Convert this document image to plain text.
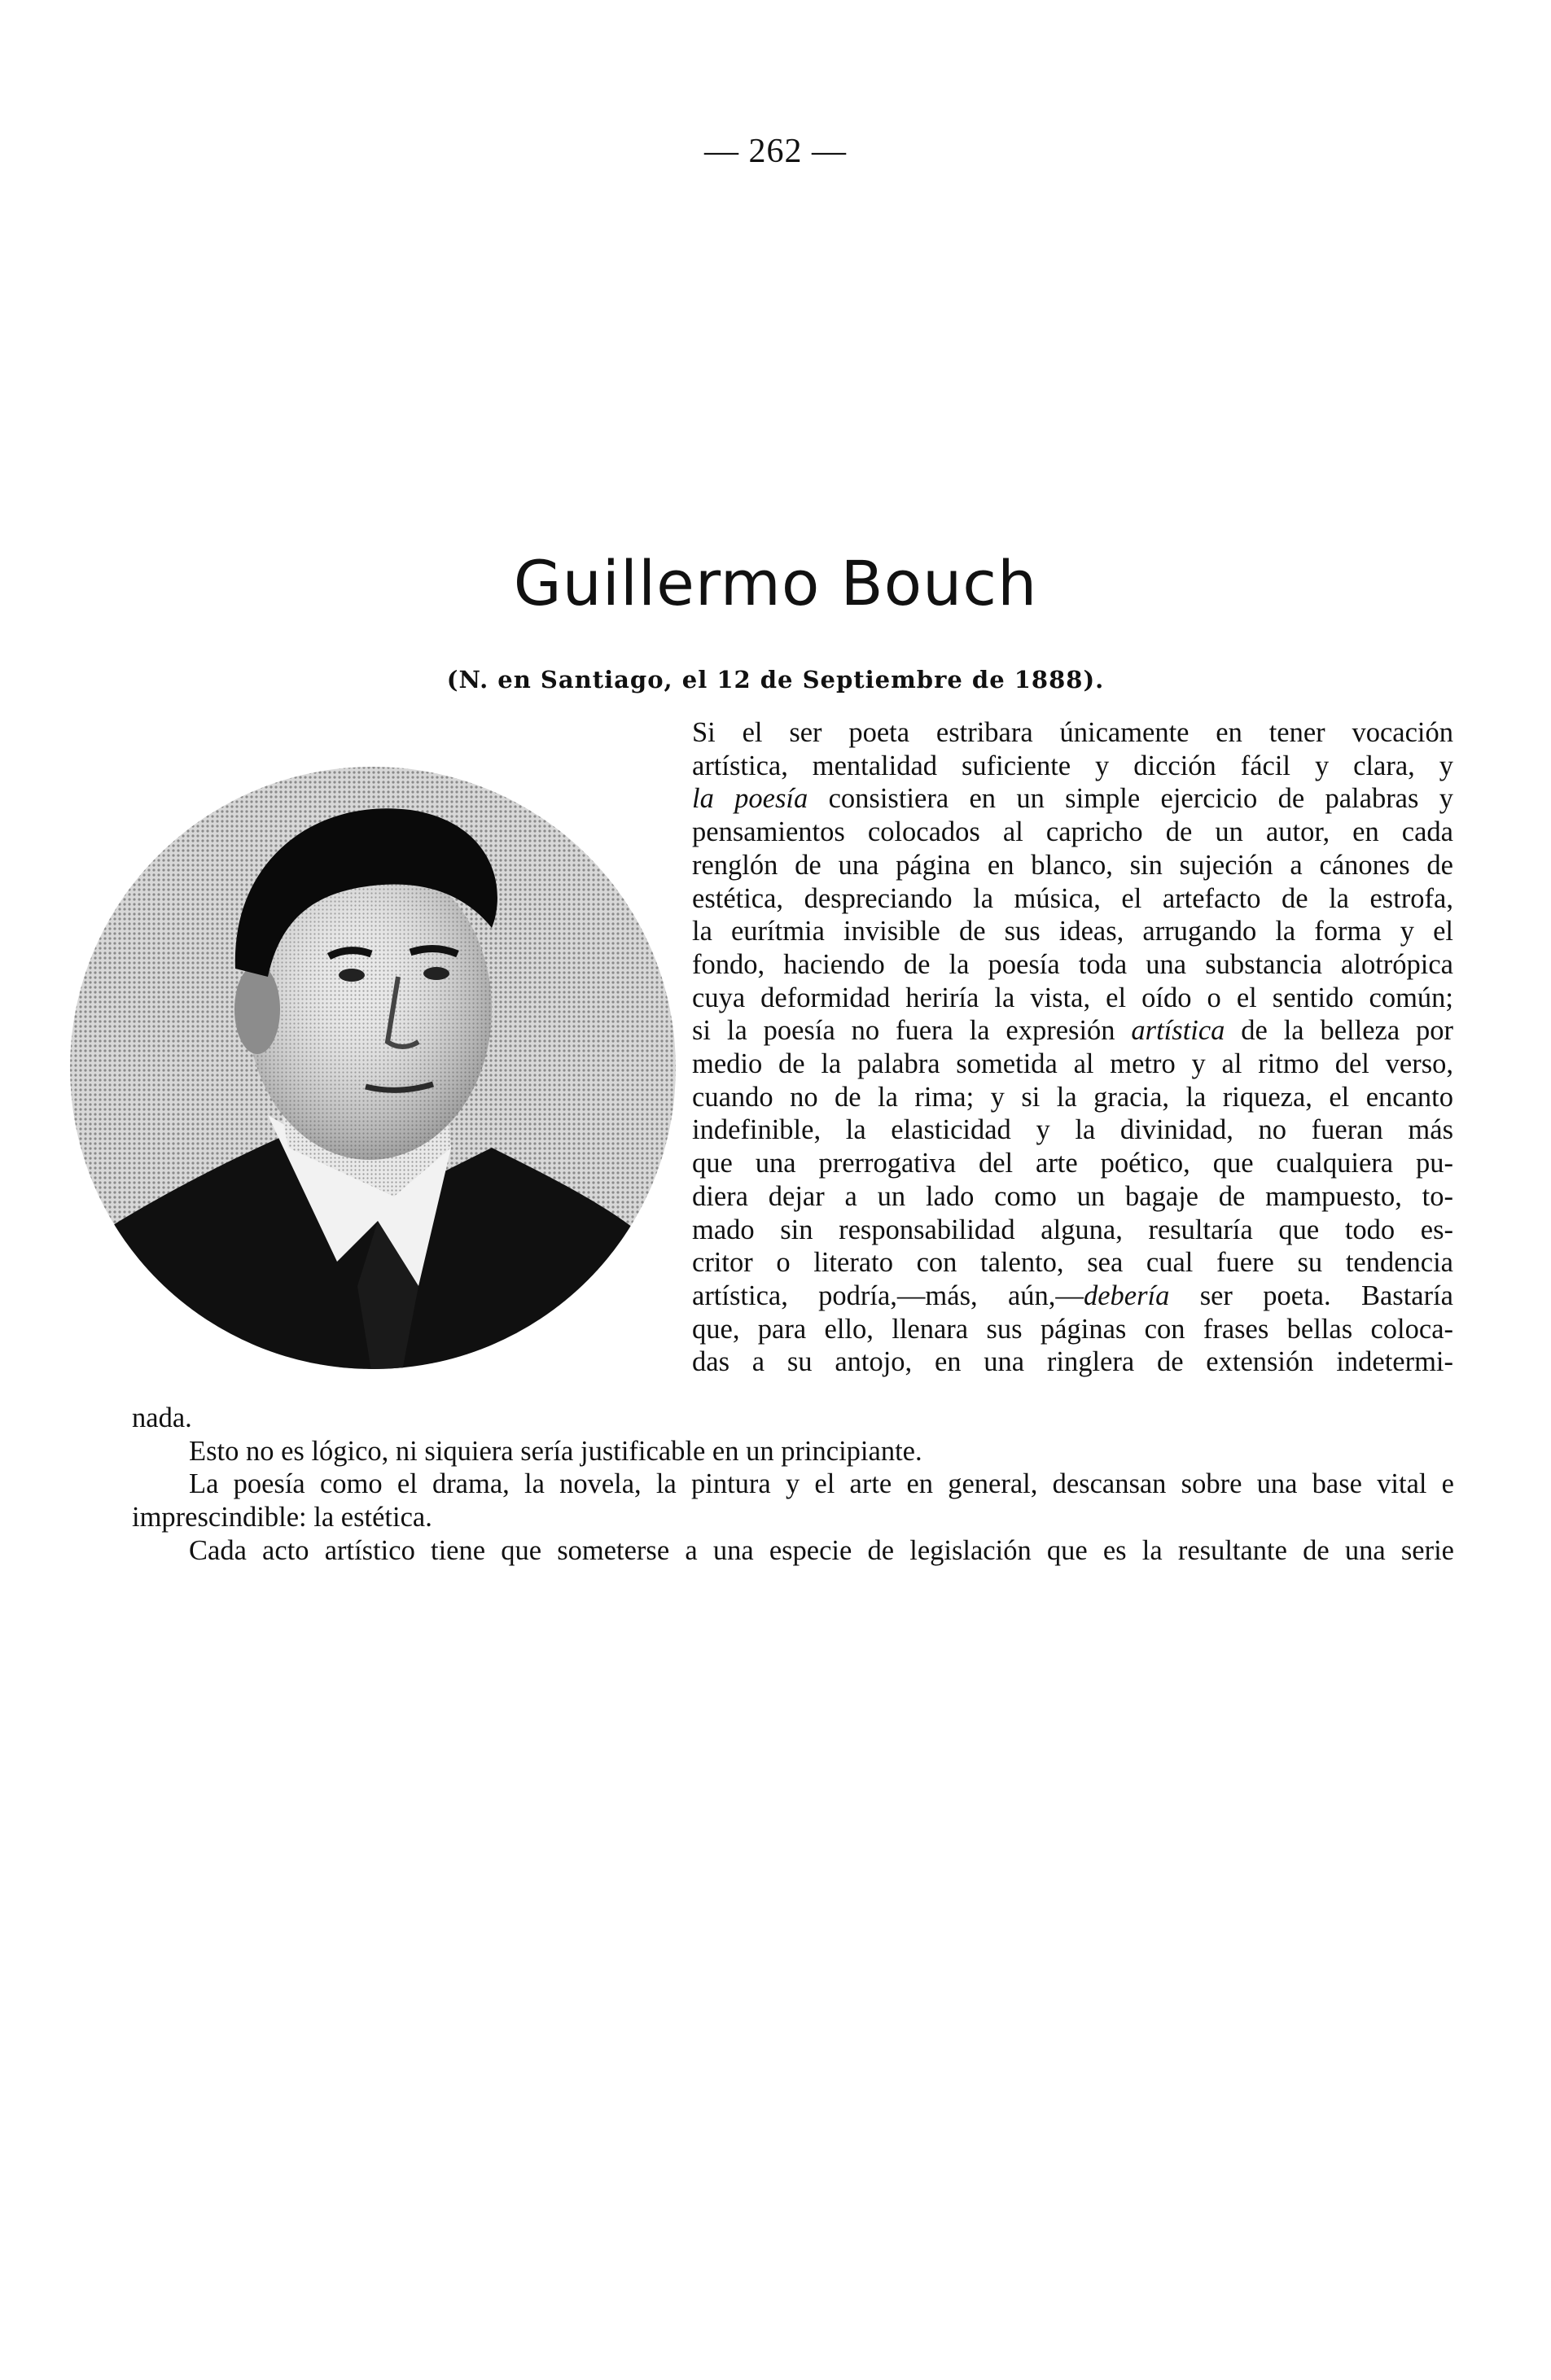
— 262 —
Guillermo Bouch
(N. en Santiago, el 12 de Septiembre de 1888).
Si el ser poeta estribara únicamente en tener vocación
artística, mentalidad suficiente y dicción fácil y clara, y
la poesía consistiera en un simple ejercicio de palabras y
pensamientos colocados al capricho de un autor, en cada
renglón de una página en blanco, sin sujeción a cánones de
estética, despreciando la música, el artefacto de la estrofa,
la eurítmia invisible de sus ideas, arrugando la forma y el
fondo, haciendo de la poesía toda una substancia alotrópica
cuya deformidad heriría la vista, el oído o el sentido común;
si la poesía no fuera la expresión artística de la belleza por
medio de la palabra sometida al metro y al ritmo del verso,
cuando no de la rima; y si la gracia, la riqueza, el encanto
indefinible, la elasticidad y la divinidad, no fueran más
que una prerrogativa del arte poético, que cualquiera pu-
diera dejar a un lado como un bagaje de mampuesto, to-
mado sin responsabilidad alguna, resultaría que todo es-
critor o literato con talento, sea cual fuere su tendencia
artística, podría,—más, aún,—debería ser poeta. Bastaría
que, para ello, llenara sus páginas con frases bellas coloca-
das a su antojo, en una ringlera de extensión indetermi-
nada.
Esto no es lógico, ni siquiera sería justificable en un principiante.
La poesía como el drama, la novela, la pintura y el arte en general, descansan sobre una base vital e
imprescindible: la estética.
Cada acto artístico tiene que someterse a una especie de legislación que es la resultante de una serie
